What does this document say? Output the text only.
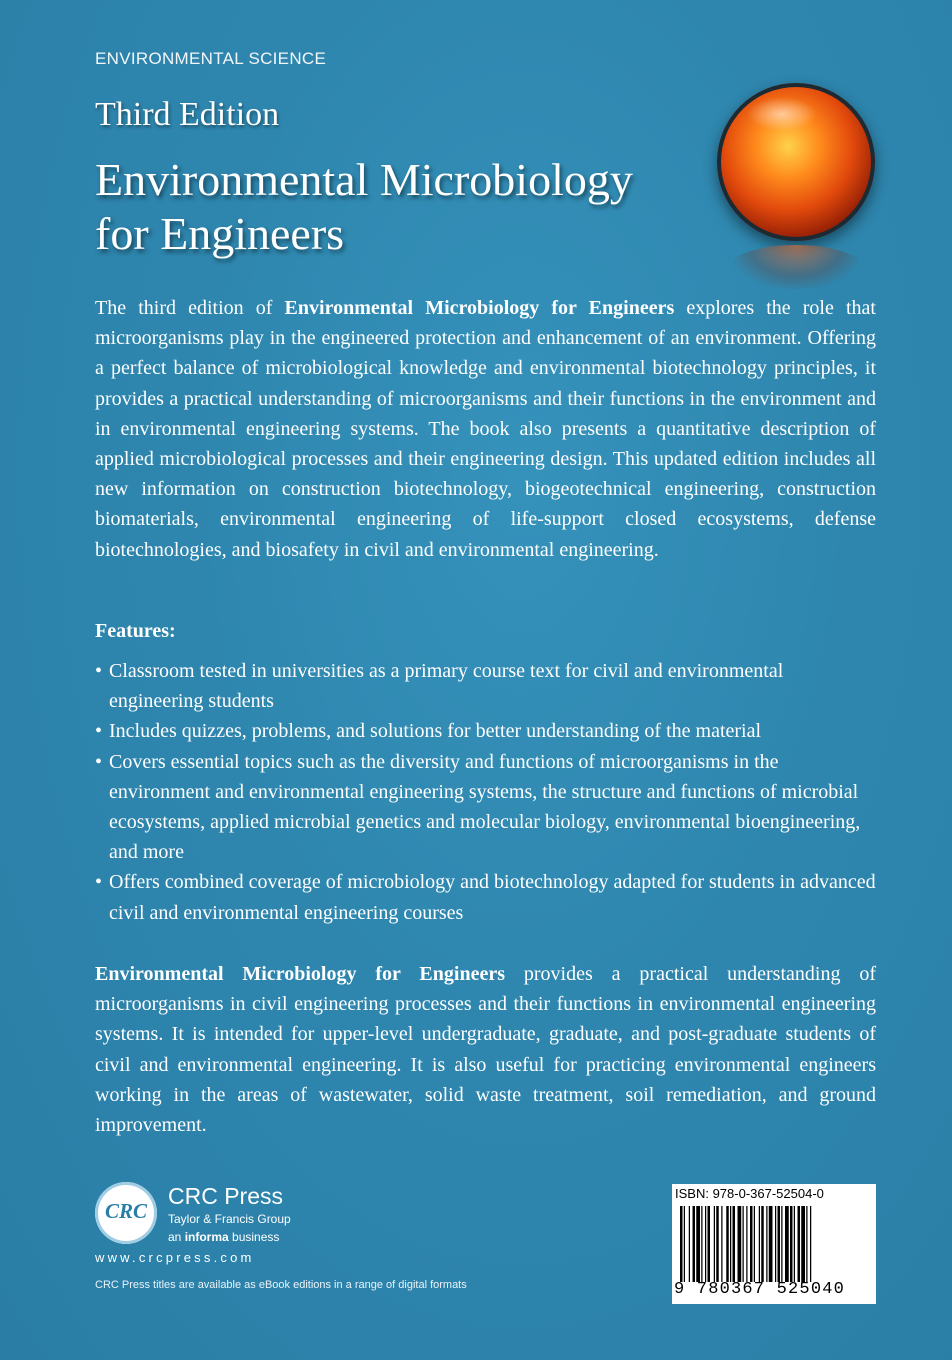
ENVIRONMENTAL SCIENCE
Third Edition
Environmental Microbiology
for Engineers

The third edition of Environmental Microbiology for Engineers explores the role that microorganisms play in the engineered protection and enhancement of an environment. Offering a perfect balance of microbiological knowledge and environmental biotechnology principles, it provides a practical understanding of microorganisms and their functions in the environment and in environmental engineering systems. The book also presents a quantitative description of applied microbiological processes and their engineering design. This updated edition includes all new information on construction biotechnology, biogeotechnical engineering, construction biomaterials, environmental engineering of life-support closed ecosystems, defense biotechnologies, and biosafety in civil and environmental engineering.

Features:

• Classroom tested in universities as a primary course text for civil and environmental engineering students
• Includes quizzes, problems, and solutions for better understanding of the material
• Covers essential topics such as the diversity and functions of microorganisms in the environment and environmental engineering systems, the structure and functions of microbial ecosystems, applied microbial genetics and molecular biology, environmental bioengineering, and more
• Offers combined coverage of microbiology and biotechnology adapted for students in advanced civil and environmental engineering courses

Environmental Microbiology for Engineers provides a practical understanding of microorganisms in civil engineering processes and their functions in environmental engineering systems. It is intended for upper-level undergraduate, graduate, and post-graduate students of civil and environmental engineering. It is also useful for practicing environmental engineers working in the areas of wastewater, solid waste treatment, soil remediation, and ground improvement.

CRC
CRC Press
Taylor & Francis Group
an informa business
www.crcpress.com
CRC Press titles are available as eBook editions in a range of digital formats
ISBN: 978-0-367-52504-0
9 780367 525040
